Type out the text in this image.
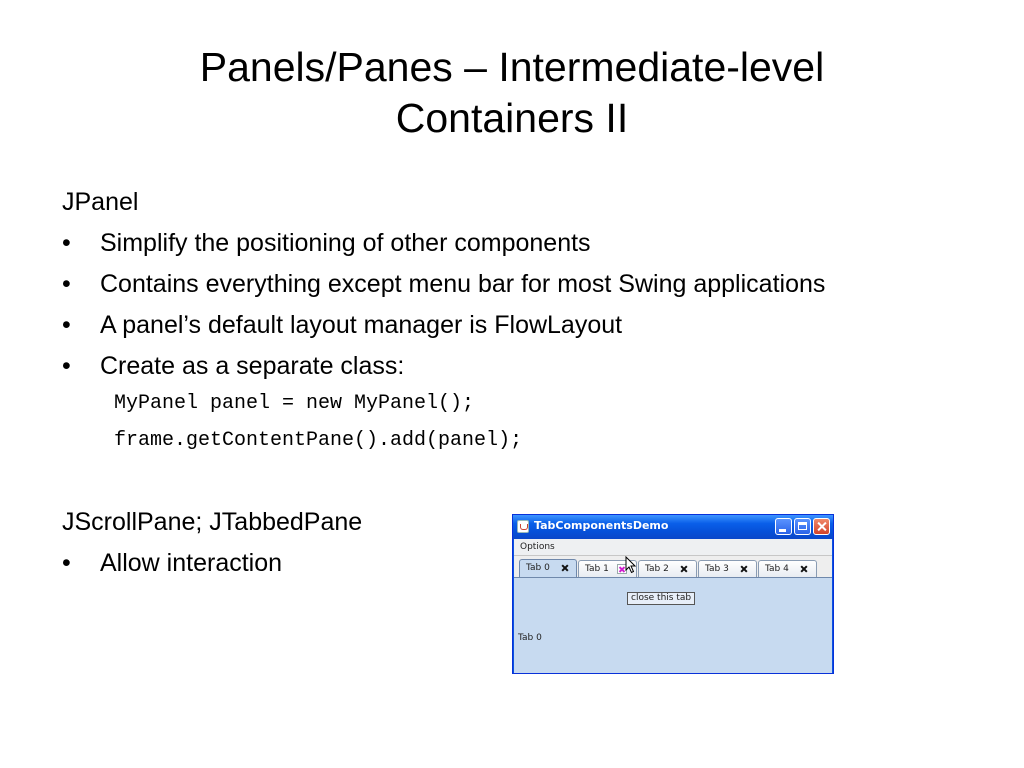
Panels/Panes – Intermediate-level
Containers II
JPanel
• Simplify the positioning of other components
• Contains everything except menu bar for most Swing applications
• A panel’s default layout manager is FlowLayout
• Create as a separate class:
MyPanel panel = new MyPanel();
frame.getContentPane().add(panel);
JScrollPane; JTabbedPane
• Allow interaction
TabComponentsDemo
Options
Tab 0	Tab 1	Tab 2	Tab 3	Tab 4
close this tab
Tab 0
